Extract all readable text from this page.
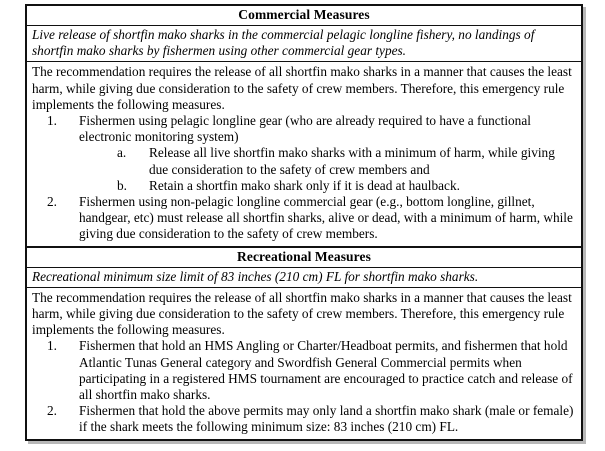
Commercial Measures
Live release of shortfin mako sharks in the commercial pelagic longline fishery, no landings of shortfin mako sharks by fishermen using other commercial gear types.

The recommendation requires the release of all shortfin mako sharks in a manner that causes the least harm, while giving due consideration to the safety of crew members. Therefore, this emergency rule implements the following measures.

1.	Fishermen using pelagic longline gear (who are already required to have a functional electronic monitoring system)
a.	Release all live shortfin mako sharks with a minimum of harm, while giving due consideration to the safety of crew members and
b.	Retain a shortfin mako shark only if it is dead at haulback.
2.	Fishermen using non-pelagic longline commercial gear (e.g., bottom longline, gillnet, handgear, etc) must release all shortfin sharks, alive or dead, with a minimum of harm, while giving due consideration to the safety of crew members.

Recreational Measures
Recreational minimum size limit of 83 inches (210 cm) FL for shortfin mako sharks.

The recommendation requires the release of all shortfin mako sharks in a manner that causes the least harm, while giving due consideration to the safety of crew members. Therefore, this emergency rule implements the following measures.

1.	Fishermen that hold an HMS Angling or Charter/Headboat permits, and fishermen that hold Atlantic Tunas General category and Swordfish General Commercial permits when participating in a registered HMS tournament are encouraged to practice catch and release of all shortfin mako sharks.
2.	Fishermen that hold the above permits may only land a shortfin mako shark (male or female) if the shark meets the following minimum size: 83 inches (210 cm) FL.
